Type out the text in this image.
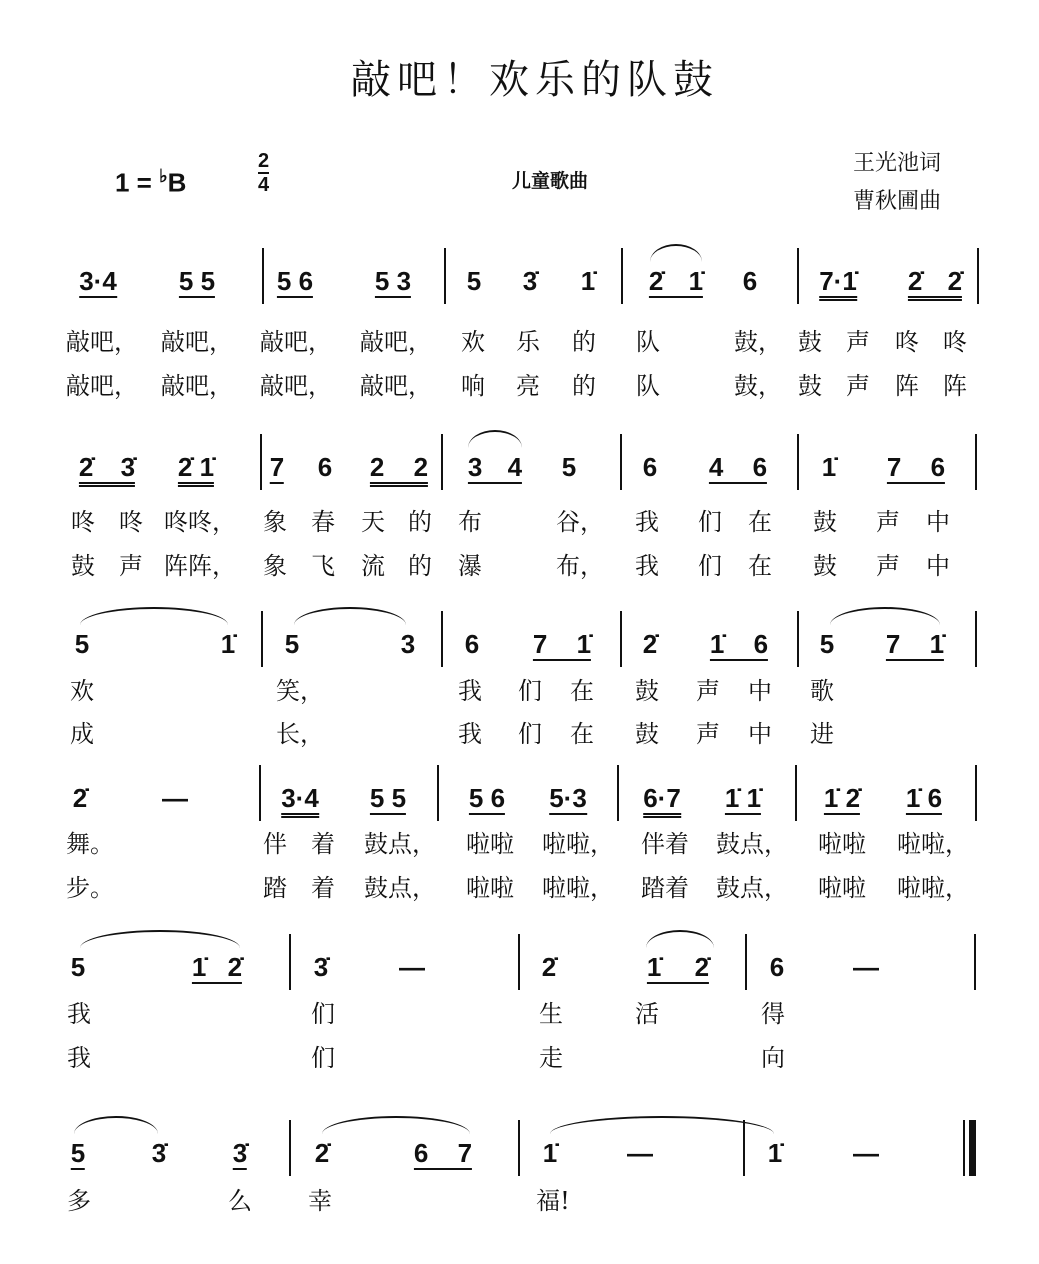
敲吧！欢乐的队鼓
1 = ♭B	$\frac{2}{4}$	儿童歌曲
王光池词
曹秋圃曲
3·4 5 5 5 6 5 3 5 3̇ 1̇ 2̇ 1̇ 6 7·1̇ 2̇ 2̇
敲吧， 敲吧， 敲吧， 敲吧， 欢 乐 的 队	鼓， 鼓 声 咚 咚
敲吧， 敲吧， 敲吧， 敲吧， 响 亮 的 队	鼓， 鼓 声 阵 阵
2̇ 3̇ 2̇ 1̇ 7 6 2 2 3 4 5	6 4 6 1̇ 7 6
咚 咚 咚咚， 象 春 天 的 布	谷， 我 们 在 鼓 声 中
鼓 声 阵阵， 象 飞 流 的 瀑	布， 我 们 在 鼓 声 中
5	1̇ 5	3 6 7 1̇ 2̇ 1̇ 6 5 7 1̇
欢	笑，	我 们 在 鼓 声 中 歌
成	长，	我 们 在 鼓 声 中 进
2̇	—	3·4 5 5 5 6 5·3 6·7 1̇ 1̇ 1̇ 2̇ 1̇ 6
舞。	伴 着 鼓点， 啦啦 啦啦， 伴着 鼓点， 啦啦 啦啦，
步。	踏 着 鼓点， 啦啦 啦啦， 踏着 鼓点， 啦啦 啦啦，
5	1̇ 2̇	3̇	—	2̇	1̇ 2̇ 6	—
我	们	生	活	得
我	们	走	向
5	3̇	3̇	2̇	6 7	1̇	—	1̇	—
多	么 幸	福!
